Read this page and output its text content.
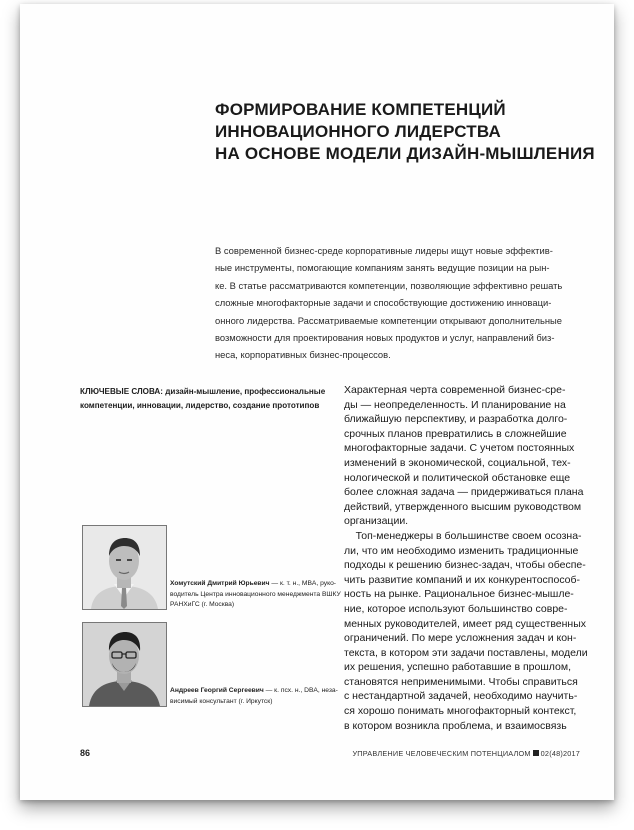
ФОРМИРОВАНИЕ КОМПЕТЕНЦИЙ
ИННОВАЦИОННОГО ЛИДЕРСТВА
НА ОСНОВЕ МОДЕЛИ ДИЗАЙН-МЫШЛЕНИЯ
В современной бизнес-среде корпоративные лидеры ищут новые эффектив-
ные инструменты, помогающие компаниям занять ведущие позиции на рын-
ке. В статье рассматриваются компетенции, позволяющие эффективно решать
сложные многофакторные задачи и способствующие достижению инновaци-
онного лидерства. Рассматриваемые компетенции открывают дополнительные
возможности для проектирования новых продуктов и услуг, направлений биз-
неса, корпоративных бизнес-процессов.
КЛЮЧЕВЫЕ СЛОВА: дизайн-мышление, профессиональные
компетенции, инновации, лидерство, создание прототипов
Характерная черта современной бизнес-сре-
ды — неопределенность. И планирование на
ближайшую перспективу, и разработка долго-
срочных планов превратились в сложнейшие
многофакторные задачи. С учетом постоянных
изменений в экономической, социальной, тех-
нологической и политической обстановке еще
более сложная задача — придерживаться плана
действий, утвержденного высшим руководством
организации.
Топ-менеджеры в большинстве своем осозна-
ли, что им необходимо изменить традиционные
подходы к решению бизнес-задач, чтобы обеспе-
чить развитие компаний и их конкурентоспособ-
ность на рынке. Рациональное бизнес-мышле-
ние, которое используют большинство совре-
менных руководителей, имеет ряд существенных
ограничений. По мере усложнения задач и кон-
текста, в котором эти задачи поставлены, модели
их решения, успешно работавшие в прошлом,
становятся неприменимыми. Чтобы справиться
с нестандартной задачей, необходимо научить-
ся хорошо понимать многофакторный контекст,
в котором возникла проблема, и взаимосвязь
Хомутский Дмитрий Юрьевич — к. т. н., MBA, руко-
водитель Центра инновационного менеджмента ВШКУ
РАНХиГС (г. Москва)
Андреев Георгий Сергеевич — к. псх. н., DBA, неза-
висимый консультант (г. Иркутск)
86	УПРАВЛЕНИЕ ЧЕЛОВЕЧЕСКИМ ПОТЕНЦИАЛОМ 02(48)2017
